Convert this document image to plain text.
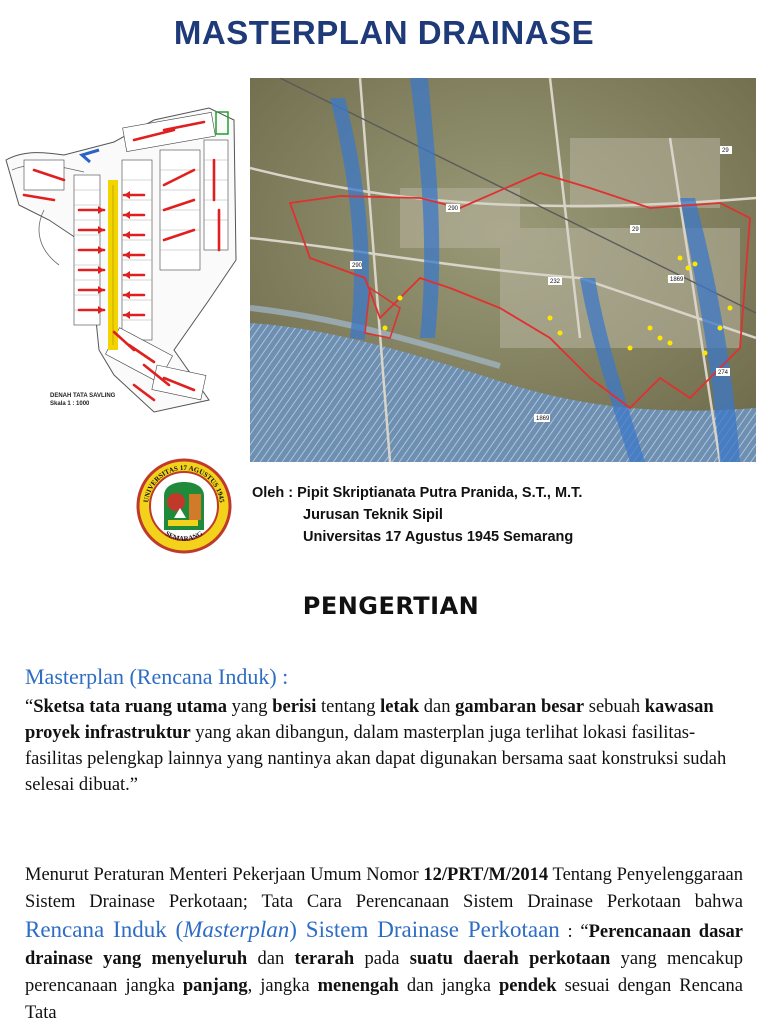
MASTERPLAN DRAINASE
DENAH TATA SAVLING
Skala 1 : 1000
290
290
29
1869
232
274
1869
29
UNIVERSITAS 17 AGUSTUS 1945
SEMARANG
Oleh : Pipit Skriptianata Putra Pranida, S.T., M.T.
Jurusan Teknik Sipil
Universitas 17 Agustus 1945 Semarang
PENGERTIAN
Masterplan (Rencana Induk) :
“Sketsa tata ruang utama yang berisi tentang letak dan gambaran besar sebuah kawasan proyek infrastruktur yang akan dibangun, dalam masterplan juga terlihat lokasi fasilitas-fasilitas pelengkap lainnya yang nantinya akan dapat digunakan bersama saat konstruksi sudah selesai dibuat.”
Menurut Peraturan Menteri Pekerjaan Umum Nomor 12/PRT/M/2014 Tentang Penyelenggaraan Sistem Drainase Perkotaan; Tata Cara Perencanaan Sistem Drainase Perkotaan bahwa Rencana Induk (Masterplan) Sistem Drainase Perkotaan : “Perencanaan dasar drainase yang menyeluruh dan terarah pada suatu daerah perkotaan yang mencakup perencanaan jangka panjang, jangka menengah dan jangka pendek sesuai dengan Rencana Tata
